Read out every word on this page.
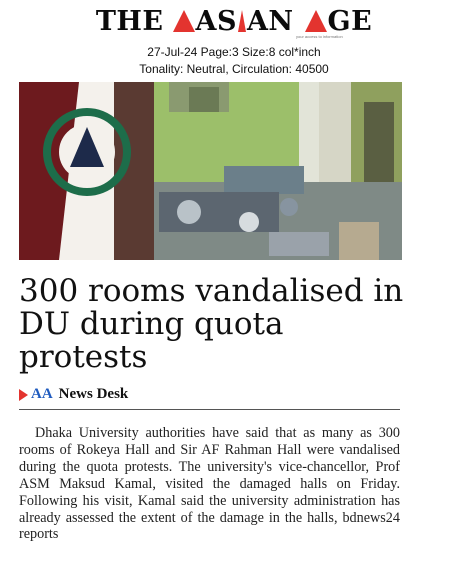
THE AS AN GE
your access to information
27-Jul-24 Page:3 Size:8 col*inch
Tonality: Neutral, Circulation: 40500
300 rooms vandalised in DU during quota protests
AA News Desk

Dhaka University authorities have said that as many as 300 rooms of Rokeya Hall and Sir AF Rahman Hall were vandalised during the quota protests. The university's vice-chancellor, Prof ASM Maksud Kamal, visited the damaged halls on Friday. Following his visit, Kamal said the university administration has already assessed the extent of the damage in the halls, bdnews24 reports
